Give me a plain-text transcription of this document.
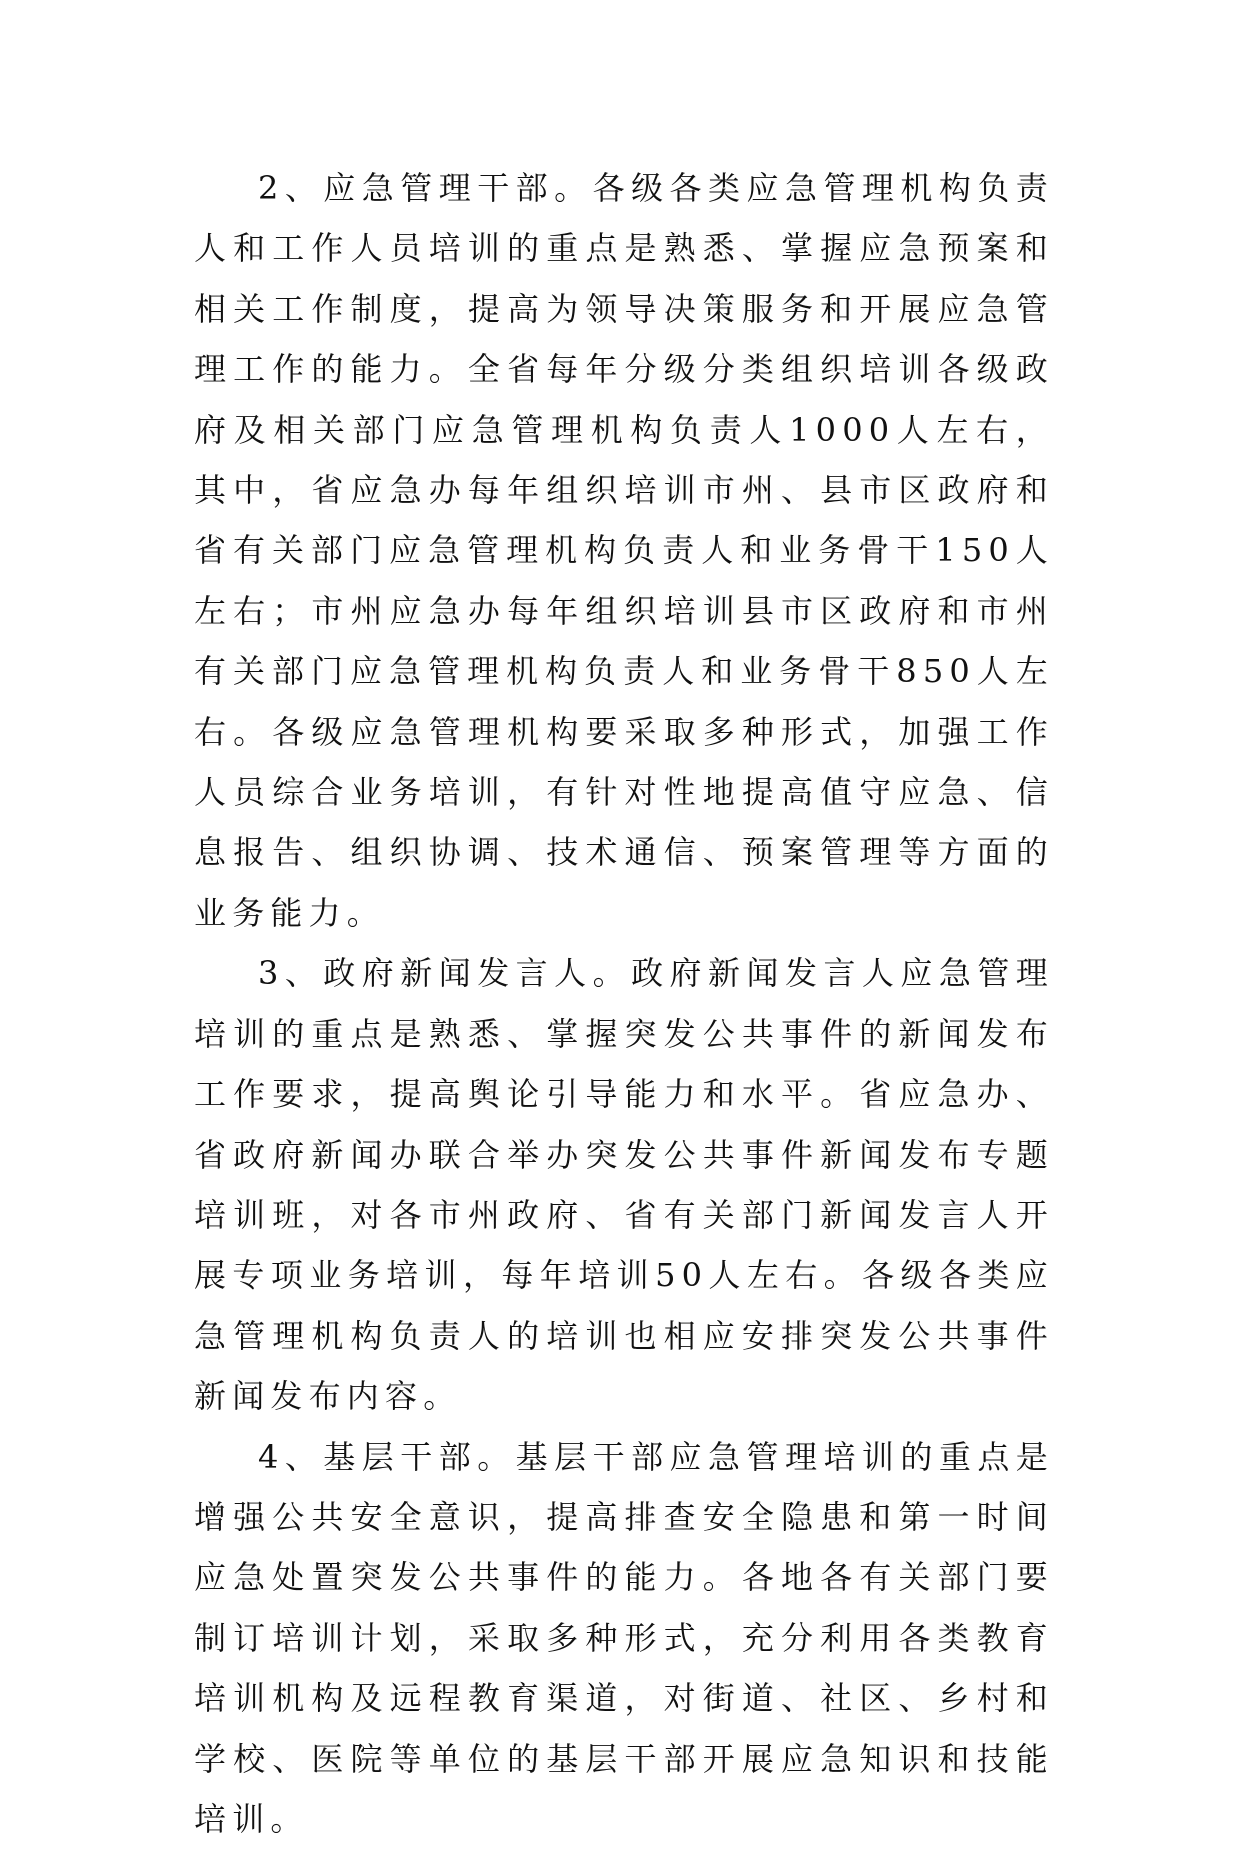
2、应急管理干部。各级各类应急管理机构负责人和工作人员培训的重点是熟悉、掌握应急预案和相关工作制度，提高为领导决策服务和开展应急管理工作的能力。全省每年分级分类组织培训各级政府及相关部门应急管理机构负责人1000人左右，其中，省应急办每年组织培训市州、县市区政府和省有关部门应急管理机构负责人和业务骨干150人左右；市州应急办每年组织培训县市区政府和市州有关部门应急管理机构负责人和业务骨干850人左右。各级应急管理机构要采取多种形式，加强工作人员综合业务培训，有针对性地提高值守应急、信息报告、组织协调、技术通信、预案管理等方面的业务能力。

3、政府新闻发言人。政府新闻发言人应急管理培训的重点是熟悉、掌握突发公共事件的新闻发布工作要求，提高舆论引导能力和水平。省应急办、省政府新闻办联合举办突发公共事件新闻发布专题培训班，对各市州政府、省有关部门新闻发言人开展专项业务培训，每年培训50人左右。各级各类应急管理机构负责人的培训也相应安排突发公共事件新闻发布内容。

4、基层干部。基层干部应急管理培训的重点是增强公共安全意识，提高排查安全隐患和第一时间应急处置突发公共事件的能力。各地各有关部门要制订培训计划，采取多种形式，充分利用各类教育培训机构及远程教育渠道，对街道、社区、乡村和学校、医院等单位的基层干部开展应急知识和技能培训。
